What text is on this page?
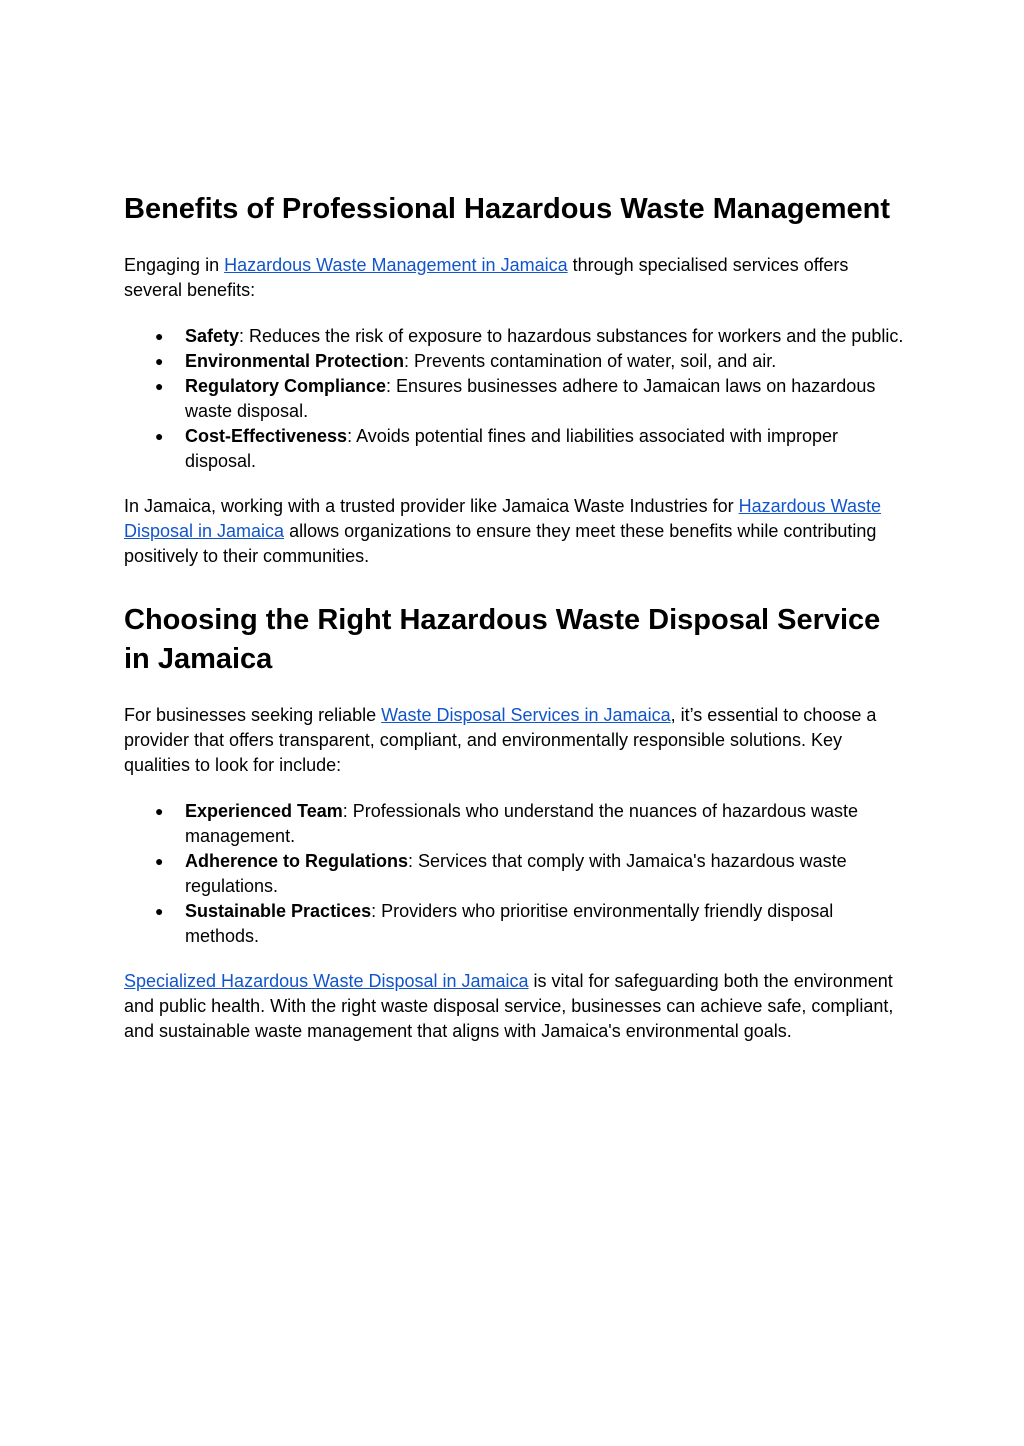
Benefits of Professional Hazardous Waste Management

Engaging in Hazardous Waste Management in Jamaica through specialised services offers several benefits:

● Safety: Reduces the risk of exposure to hazardous substances for workers and the public.
● Environmental Protection: Prevents contamination of water, soil, and air.
● Regulatory Compliance: Ensures businesses adhere to Jamaican laws on hazardous waste disposal.
● Cost-Effectiveness: Avoids potential fines and liabilities associated with improper disposal.

In Jamaica, working with a trusted provider like Jamaica Waste Industries for Hazardous Waste Disposal in Jamaica allows organizations to ensure they meet these benefits while contributing positively to their communities.

Choosing the Right Hazardous Waste Disposal Service in Jamaica

For businesses seeking reliable Waste Disposal Services in Jamaica, it’s essential to choose a provider that offers transparent, compliant, and environmentally responsible solutions. Key qualities to look for include:

● Experienced Team: Professionals who understand the nuances of hazardous waste management.
● Adherence to Regulations: Services that comply with Jamaica's hazardous waste regulations.
● Sustainable Practices: Providers who prioritise environmentally friendly disposal methods.

Specialized Hazardous Waste Disposal in Jamaica is vital for safeguarding both the environment and public health. With the right waste disposal service, businesses can achieve safe, compliant, and sustainable waste management that aligns with Jamaica's environmental goals.
